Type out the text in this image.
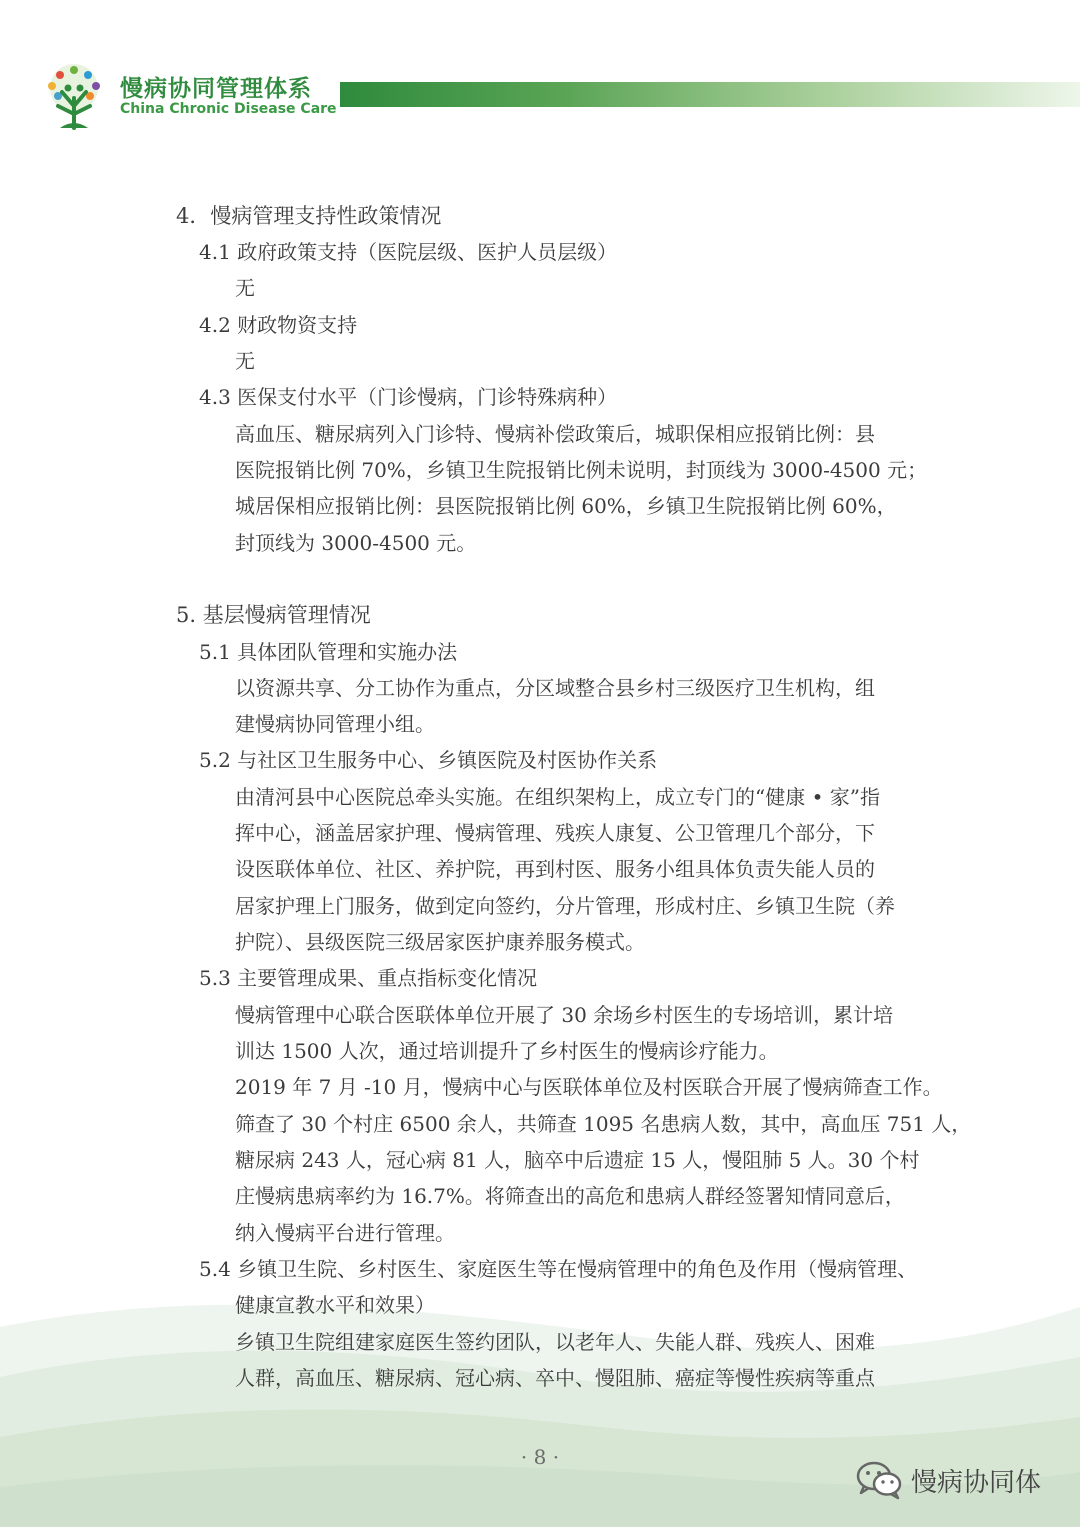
慢病协同管理体系
China Chronic Disease Care
4．慢病管理支持性政策情况
4.1 政府政策支持（医院层级、医护人员层级）
无
4.2 财政物资支持
无
4.3 医保支付水平（门诊慢病，门诊特殊病种）
高血压、糖尿病列入门诊特、慢病补偿政策后，城职保相应报销比例：县
医院报销比例 70%，乡镇卫生院报销比例未说明，封顶线为 3000-4500 元；
城居保相应报销比例：县医院报销比例 60%，乡镇卫生院报销比例 60%，
封顶线为 3000-4500 元。
5. 基层慢病管理情况
5.1 具体团队管理和实施办法
以资源共享、分工协作为重点，分区域整合县乡村三级医疗卫生机构，组
建慢病协同管理小组。
5.2 与社区卫生服务中心、乡镇医院及村医协作关系
由清河县中心医院总牵头实施。在组织架构上，成立专门的“健康 • 家”指
挥中心，涵盖居家护理、慢病管理、残疾人康复、公卫管理几个部分，下
设医联体单位、社区、养护院，再到村医、服务小组具体负责失能人员的
居家护理上门服务，做到定向签约，分片管理，形成村庄、乡镇卫生院（养
护院）、县级医院三级居家医护康养服务模式。
5.3 主要管理成果、重点指标变化情况
慢病管理中心联合医联体单位开展了 30 余场乡村医生的专场培训，累计培
训达 1500 人次，通过培训提升了乡村医生的慢病诊疗能力。
2019 年 7 月 -10 月，慢病中心与医联体单位及村医联合开展了慢病筛查工作。
筛查了 30 个村庄 6500 余人，共筛查 1095 名患病人数，其中，高血压 751 人，
糖尿病 243 人，冠心病 81 人，脑卒中后遗症 15 人，慢阻肺 5 人。30 个村
庄慢病患病率约为 16.7%。将筛查出的高危和患病人群经签署知情同意后，
纳入慢病平台进行管理。
5.4 乡镇卫生院、乡村医生、家庭医生等在慢病管理中的角色及作用（慢病管理、
健康宣教水平和效果）
乡镇卫生院组建家庭医生签约团队，以老年人、失能人群、残疾人、困难
人群，高血压、糖尿病、冠心病、卒中、慢阻肺、癌症等慢性疾病等重点
· 8 ·
慢病协同体
